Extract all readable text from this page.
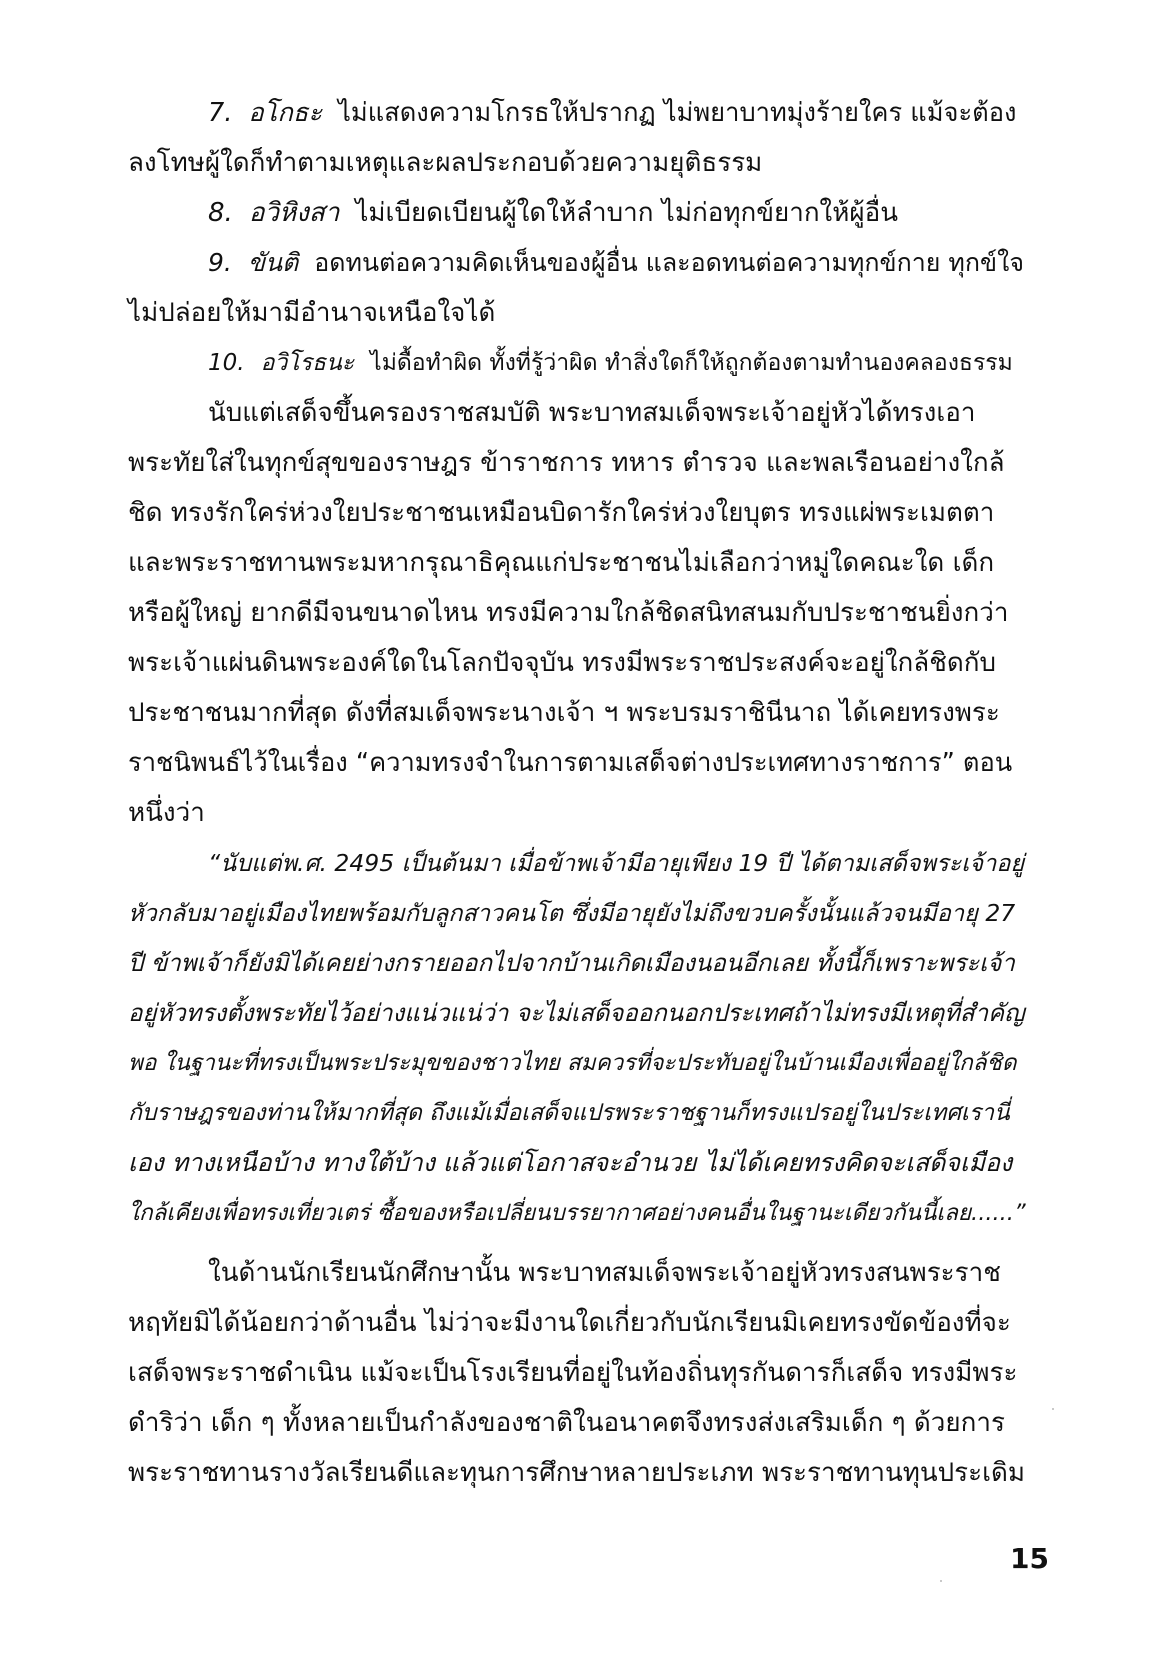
7. อโกธะ ไม่แสดงความโกรธให้ปรากฏ ไม่พยาบาทมุ่งร้ายใคร แม้จะต้อง
ลงโทษผู้ใดก็ทำตามเหตุและผลประกอบด้วยความยุติธรรม
8. อวิหิงสา ไม่เบียดเบียนผู้ใดให้ลำบาก ไม่ก่อทุกข์ยากให้ผู้อื่น
9. ขันติ อดทนต่อความคิดเห็นของผู้อื่น และอดทนต่อความทุกข์กาย ทุกข์ใจ
ไม่ปล่อยให้มามีอำนาจเหนือใจได้
10. อวิโรธนะ ไม่ดื้อทำผิด ทั้งที่รู้ว่าผิด ทำสิ่งใดก็ให้ถูกต้องตามทำนองคลองธรรม
นับแต่เสด็จขึ้นครองราชสมบัติ พระบาทสมเด็จพระเจ้าอยู่หัวได้ทรงเอา
พระทัยใส่ในทุกข์สุขของราษฎร ข้าราชการ ทหาร ตำรวจ และพลเรือนอย่างใกล้
ชิด ทรงรักใคร่ห่วงใยประชาชนเหมือนบิดารักใคร่ห่วงใยบุตร ทรงแผ่พระเมตตา
และพระราชทานพระมหากรุณาธิคุณแก่ประชาชนไม่เลือกว่าหมู่ใดคณะใด เด็ก
หรือผู้ใหญ่ ยากดีมีจนขนาดไหน ทรงมีความใกล้ชิดสนิทสนมกับประชาชนยิ่งกว่า
พระเจ้าแผ่นดินพระองค์ใดในโลกปัจจุบัน ทรงมีพระราชประสงค์จะอยู่ใกล้ชิดกับ
ประชาชนมากที่สุด ดังที่สมเด็จพระนางเจ้า ฯ พระบรมราชินีนาถ ได้เคยทรงพระ
ราชนิพนธ์ไว้ในเรื่อง “ความทรงจำในการตามเสด็จต่างประเทศทางราชการ” ตอน
หนึ่งว่า
“นับแต่พ.ศ. 2495 เป็นต้นมา เมื่อข้าพเจ้ามีอายุเพียง 19 ปี ได้ตามเสด็จพระเจ้าอยู่
หัวกลับมาอยู่เมืองไทยพร้อมกับลูกสาวคนโต ซึ่งมีอายุยังไม่ถึงขวบครั้งนั้นแล้วจนมีอายุ 27
ปี ข้าพเจ้าก็ยังมิได้เคยย่างกรายออกไปจากบ้านเกิดเมืองนอนอีกเลย ทั้งนี้ก็เพราะพระเจ้า
อยู่หัวทรงตั้งพระทัยไว้อย่างแน่วแน่ว่า จะไม่เสด็จออกนอกประเทศถ้าไม่ทรงมีเหตุที่สำคัญ
พอ ในฐานะที่ทรงเป็นพระประมุขของชาวไทย สมควรที่จะประทับอยู่ในบ้านเมืองเพื่ออยู่ใกล้ชิด
กับราษฎรของท่านให้มากที่สุด ถึงแม้เมื่อเสด็จแปรพระราชฐานก็ทรงแปรอยู่ในประเทศเรานี่
เอง ทางเหนือบ้าง ทางใต้บ้าง แล้วแต่โอกาสจะอำนวย ไม่ได้เคยทรงคิดจะเสด็จเมือง
ใกล้เคียงเพื่อทรงเที่ยวเตร่ ซื้อของหรือเปลี่ยนบรรยากาศอย่างคนอื่นในฐานะเดียวกันนี้เลย......”
ในด้านนักเรียนนักศึกษานั้น พระบาทสมเด็จพระเจ้าอยู่หัวทรงสนพระราช
หฤทัยมิได้น้อยกว่าด้านอื่น ไม่ว่าจะมีงานใดเกี่ยวกับนักเรียนมิเคยทรงขัดข้องที่จะ
เสด็จพระราชดำเนิน แม้จะเป็นโรงเรียนที่อยู่ในท้องถิ่นทุรกันดารก็เสด็จ ทรงมีพระ
ดำริว่า เด็ก ๆ ทั้งหลายเป็นกำลังของชาติในอนาคตจึงทรงส่งเสริมเด็ก ๆ ด้วยการ
พระราชทานรางวัลเรียนดีและทุนการศึกษาหลายประเภท พระราชทานทุนประเดิม
15
